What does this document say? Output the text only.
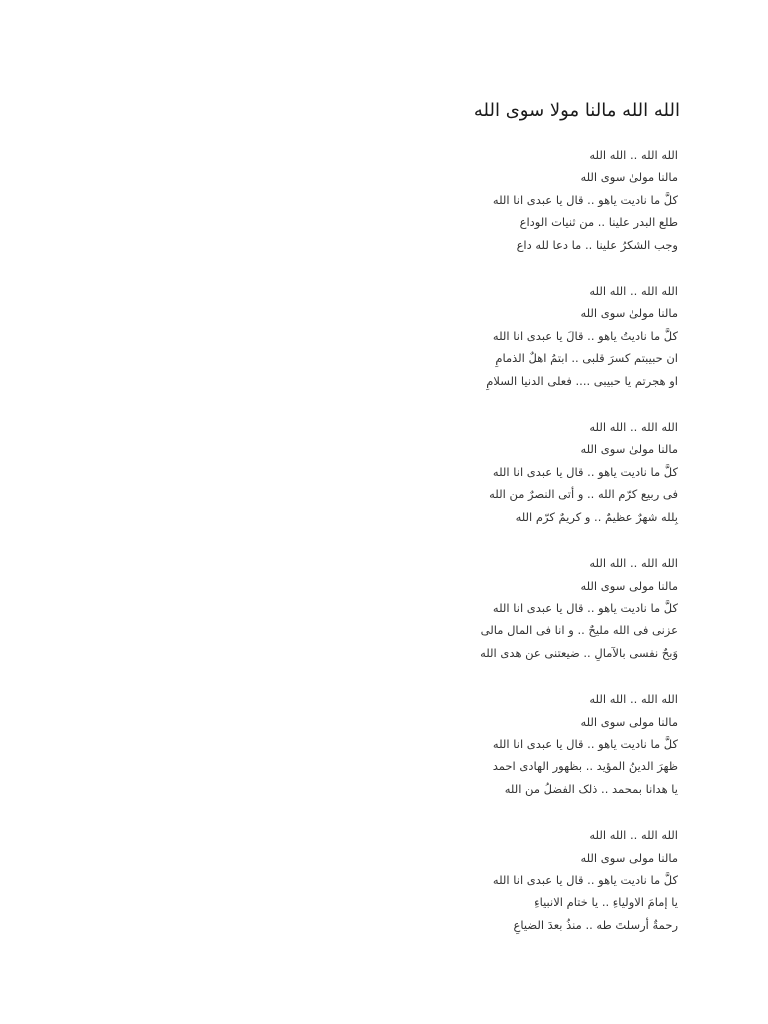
الله الله مالنا مولا سوى الله
الله الله .. الله الله
مالنا مولىٰ سوى الله
كلَّ ما نادیت یاهو .. قال یا عبدی انا الله
طلع البدر علینا .. من ثنیات الوداع
وجب الشکرُ علینا .. ما دعا لله داع
الله الله .. الله الله
مالنا مولىٰ سوى الله
كلَّ ما نادیتُ یاهو .. قالَ یا عبدی انا الله
ان حبیبتم کسرَ قلبی .. ابتمُ اهلٌ الذمامِ
او هجرتم یا حبیبی .... فعلی الدنیا السلامِ
الله الله .. الله الله
مالنا مولىٰ سوى الله
كلَّ ما نادیت یاهو .. قال یا عبدی انا الله
فی ربیع کرّم الله .. و أتی النصرٌ من الله
بِلله شهرٌ عظیمٌ .. و کریمٌ کرّم الله
الله الله .. الله الله
مالنا مولی سوی الله
كلَّ ما نادیت یاهو .. قال یا عبدی انا الله
عزنی فی الله ملیحٌ .. و انا فی المال مالی
وَبحٌ نفسی بالآمالِ .. ضیعتنی عن هدی الله
الله الله .. الله الله
مالنا مولی سوی الله
كلَّ ما نادیت یاهو .. قال یا عبدی انا الله
ظهرَ الدینُ المؤید .. بظهور الهادی احمد
یا هدانا بمحمد .. ذلک الفضلُ من الله
الله الله .. الله الله
مالنا مولی سوی الله
كلَّ ما نادیت یاهو .. قال یا عبدی انا الله
یا إمامَ الاولیاءِ .. یا ختام الانبیاءِ
رحمةٌ أرسلتَ طه .. منذُ بعدَ الضیاعِ
